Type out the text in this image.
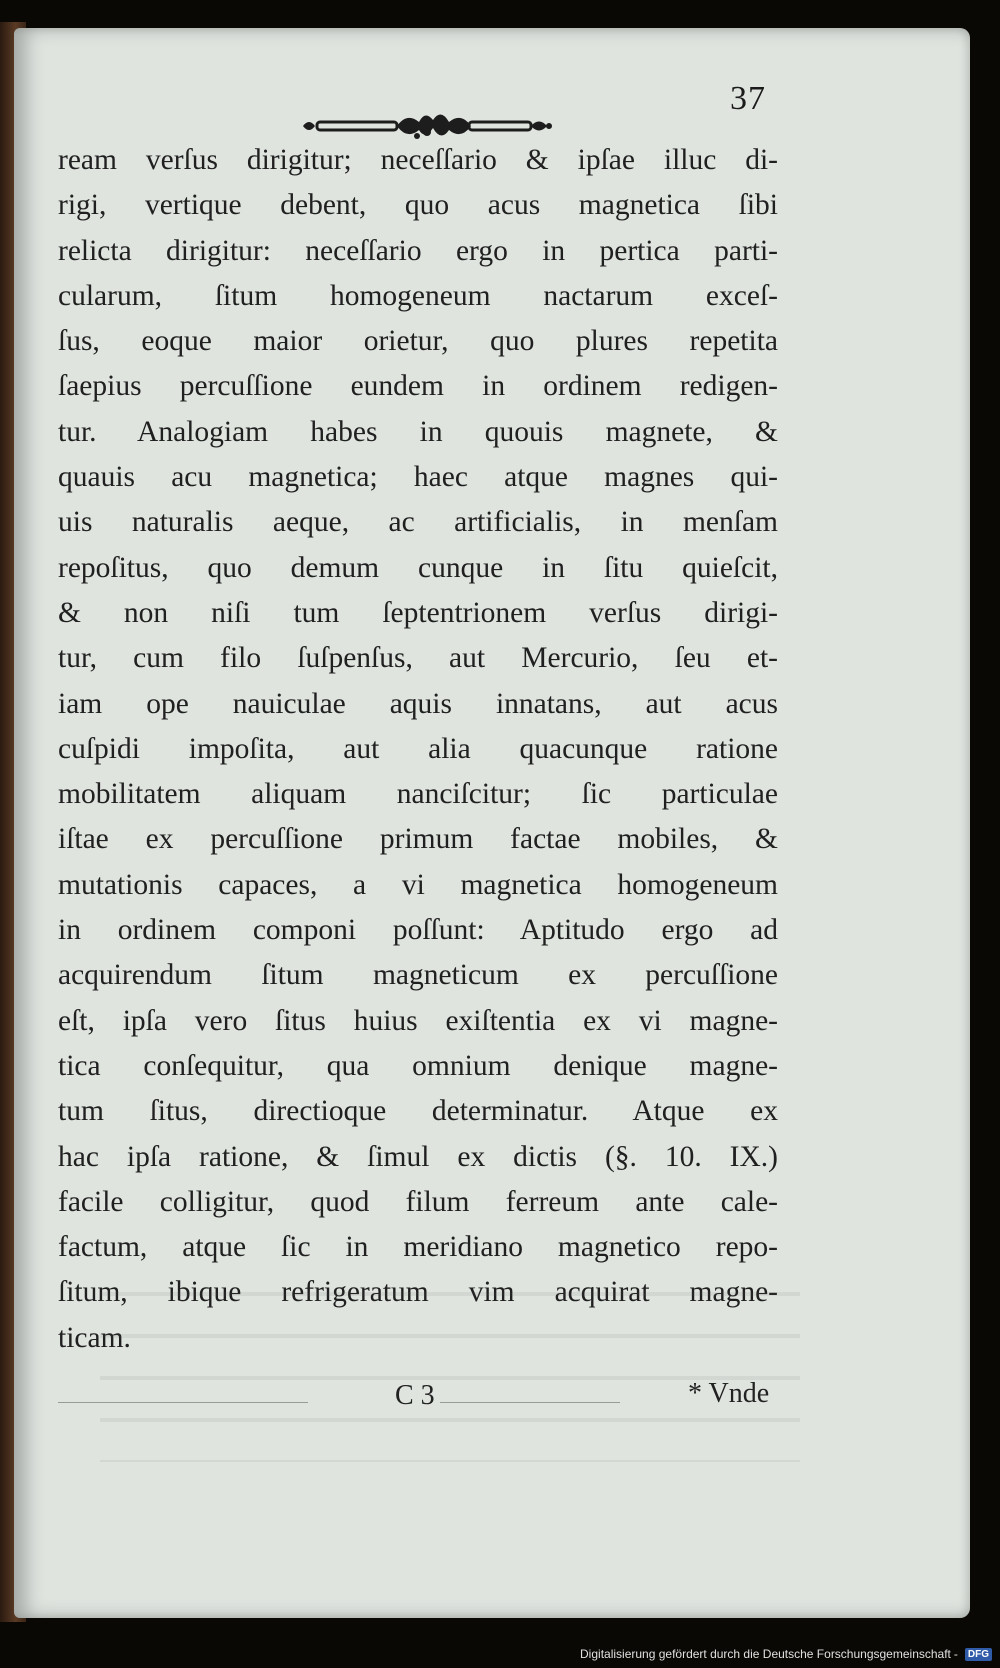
37
ream verſus dirigitur; neceſſario & ipſae illuc di-
rigi, vertique debent, quo acus magnetica ſibi
relicta dirigitur: neceſſario ergo in pertica parti-
cularum, ſitum homogeneum nactarum exceſ-
ſus, eoque maior orietur, quo plures repetita
ſaepius percuſſione eundem in ordinem redigen-
tur. Analogiam habes in quouis magnete, &
quauis acu magnetica; haec atque magnes qui-
uis naturalis aeque, ac artificialis, in menſam
repoſitus, quo demum cunque in ſitu quieſcit,
& non niſi tum ſeptentrionem verſus dirigi-
tur, cum filo ſuſpenſus, aut Mercurio, ſeu et-
iam ope nauiculae aquis innatans, aut acus
cuſpidi impoſita, aut alia quacunque ratione
mobilitatem aliquam nanciſcitur; ſic particulae
iſtae ex percuſſione primum factae mobiles, &
mutationis capaces, a vi magnetica homogeneum
in ordinem componi poſſunt: Aptitudo ergo ad
acquirendum ſitum magneticum ex percuſſione
eſt, ipſa vero ſitus huius exiſtentia ex vi magne-
tica conſequitur, qua omnium denique magne-
tum ſitus, directioque determinatur. Atque ex
hac ipſa ratione, & ſimul ex dictis (§. 10. IX.)
facile colligitur, quod filum ferreum ante cale-
factum, atque ſic in meridiano magnetico repo-
ſitum, ibique refrigeratum vim acquirat magne-
ticam.
C 3	* Vnde
Digitalisierung gefördert durch die Deutsche Forschungsgemeinschaft -	DFG
